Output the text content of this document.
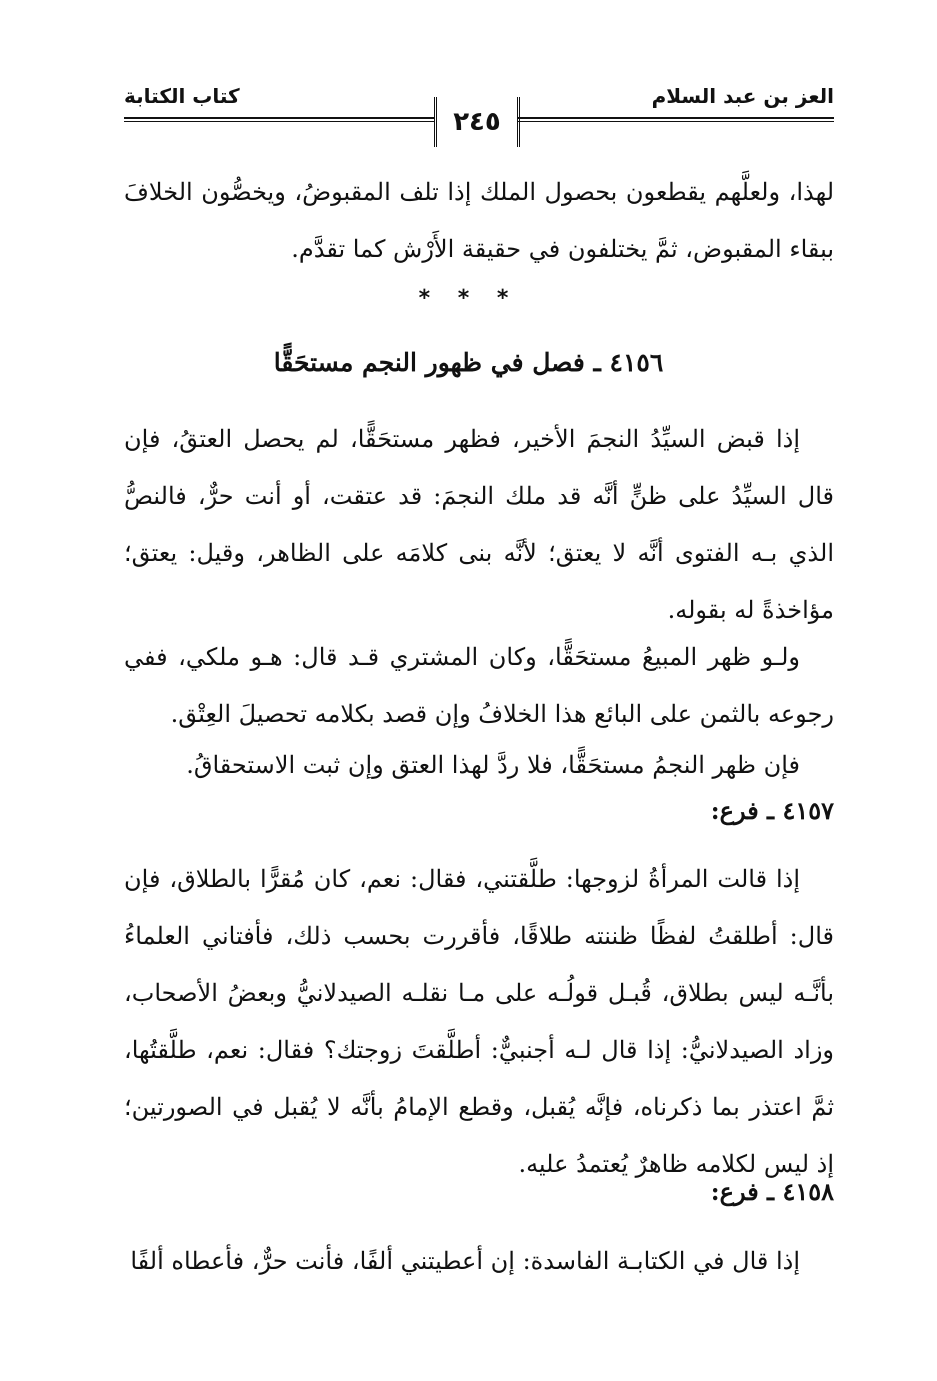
العز بن عبد السلام
٢٤٥
كتاب الكتابة

لهذا، ولعلَّهم يقطعون بحصول الملك إذا تلف المقبوضُ، ويخصُّون الخلافَ ببقاء المقبوض، ثمَّ يختلفون في حقيقة الأَرْش كما تقدَّم.

* * *
٤١٥٦ ـ فصل في ظهور النجم مستحَقًّا

إذا قبض السيِّدُ النجمَ الأخير، فظهر مستحَقًّا، لم يحصل العتقُ، فإن قال السيِّدُ على ظنٍّ أنَّه قد ملك النجمَ: قد عتقت، أو أنت حرٌّ، فالنصُّ الذي بـه الفتوى أنَّه لا يعتق؛ لأنَّه بنى كلامَه على الظاهر، وقيل: يعتق؛ مؤاخذةً له بقوله.

ولـو ظهر المبيعُ مستحَقًّا، وكان المشتري قـد قال: هـو ملكي، ففي رجوعه بالثمن على البائع هذا الخلافُ وإن قصد بكلامه تحصيلَ العِتْق.

فإن ظهر النجمُ مستحَقًّا، فلا ردَّ لهذا العتق وإن ثبت الاستحقاقُ.

٤١٥٧ ـ فرع:

إذا قالت المرأةُ لزوجها: طلَّقتني، فقال: نعم، كان مُقرًّا بالطلاق، فإن قال: أطلقتُ لفظًا ظننته طلاقًا، فأقررت بحسب ذلك، فأفتاني العلماءُ بأنَّـه ليس بطلاق، قُبـل قولُـه على مـا نقلـه الصيدلانيُّ وبعضُ الأصحاب، وزاد الصيدلانيُّ: إذا قال لـه أجنبيٌّ: أطلَّقتَ زوجتك؟ فقال: نعم، طلَّقتُها، ثمَّ اعتذر بما ذكرناه، فإنَّه يُقبل، وقطع الإمامُ بأنَّه لا يُقبل في الصورتين؛ إذ ليس لكلامه ظاهرٌ يُعتمدُ عليه.

٤١٥٨ ـ فرع:

إذا قال في الكتابـة الفاسدة: إن أعطيتني ألفًا، فأنت حرٌّ، فأعطاه ألفًا
